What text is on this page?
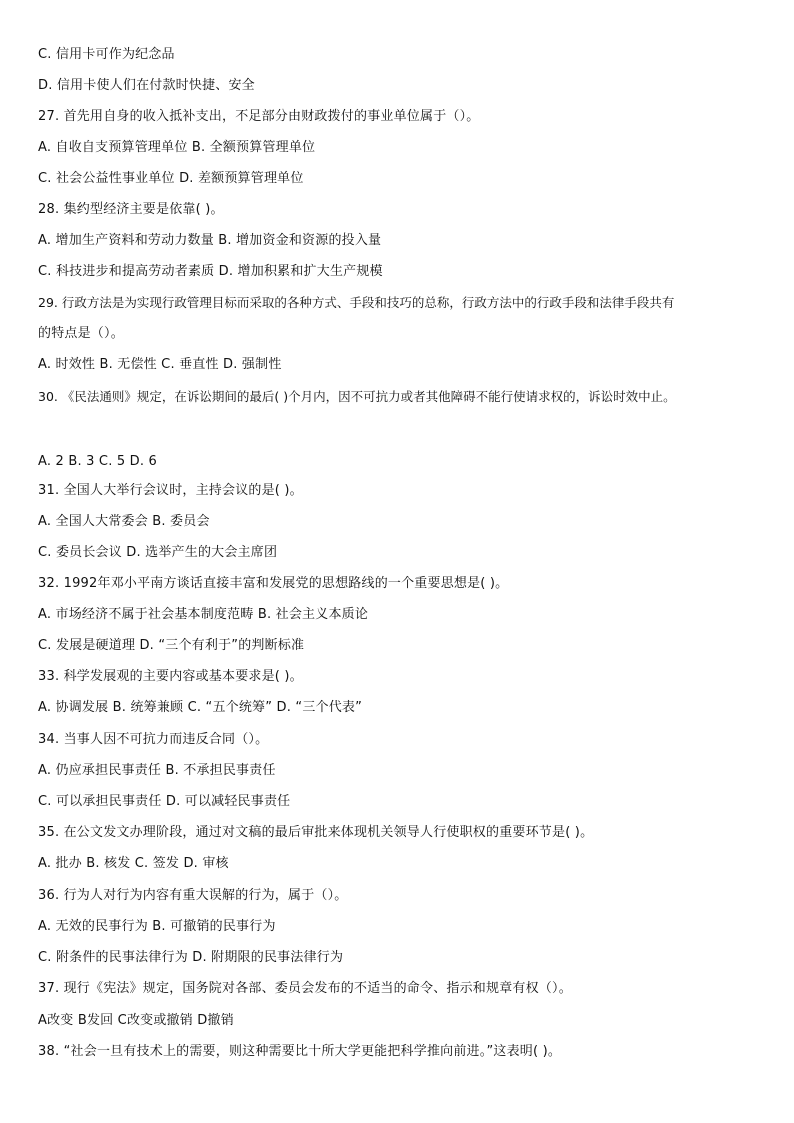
C. 信用卡可作为纪念品
D. 信用卡使人们在付款时快捷、安全
27. 首先用自身的收入抵补支出，不足部分由财政拨付的事业单位属于（）。
A. 自收自支预算管理单位 B. 全额预算管理单位
C. 社会公益性事业单位 D. 差额预算管理单位
28. 集约型经济主要是依靠( )。
A. 增加生产资料和劳动力数量 B. 增加资金和资源的投入量
C. 科技进步和提高劳动者素质 D. 增加积累和扩大生产规模
29. 行政方法是为实现行政管理目标而采取的各种方式、手段和技巧的总称，行政方法中的行政手段和法律手段共有
的特点是（）。
A. 时效性 B. 无偿性 C. 垂直性 D. 强制性
30. 《民法通则》规定，在诉讼期间的最后( )个月内，因不可抗力或者其他障碍不能行使请求权的，诉讼时效中止。
A. 2 B. 3 C. 5 D. 6
31. 全国人大举行会议时，主持会议的是( )。
A. 全国人大常委会 B. 委员会
C. 委员长会议 D. 选举产生的大会主席团
32. 1992年邓小平南方谈话直接丰富和发展党的思想路线的一个重要思想是( )。
A. 市场经济不属于社会基本制度范畴 B. 社会主义本质论
C. 发展是硬道理 D. “三个有利于”的判断标准
33. 科学发展观的主要内容或基本要求是( )。
A. 协调发展 B. 统筹兼顾 C. “五个统筹” D. “三个代表”
34. 当事人因不可抗力而违反合同（）。
A. 仍应承担民事责任 B. 不承担民事责任
C. 可以承担民事责任 D. 可以减轻民事责任
35. 在公文发文办理阶段，通过对文稿的最后审批来体现机关领导人行使职权的重要环节是( )。
A. 批办 B. 核发 C. 签发 D. 审核
36. 行为人对行为内容有重大误解的行为，属于（）。
A. 无效的民事行为 B. 可撤销的民事行为
C. 附条件的民事法律行为 D. 附期限的民事法律行为
37. 现行《宪法》规定，国务院对各部、委员会发布的不适当的命令、指示和规章有权（）。
A改变 B发回 C改变或撤销 D撤销
38. “社会一旦有技术上的需要，则这种需要比十所大学更能把科学推向前进。”这表明( )。
